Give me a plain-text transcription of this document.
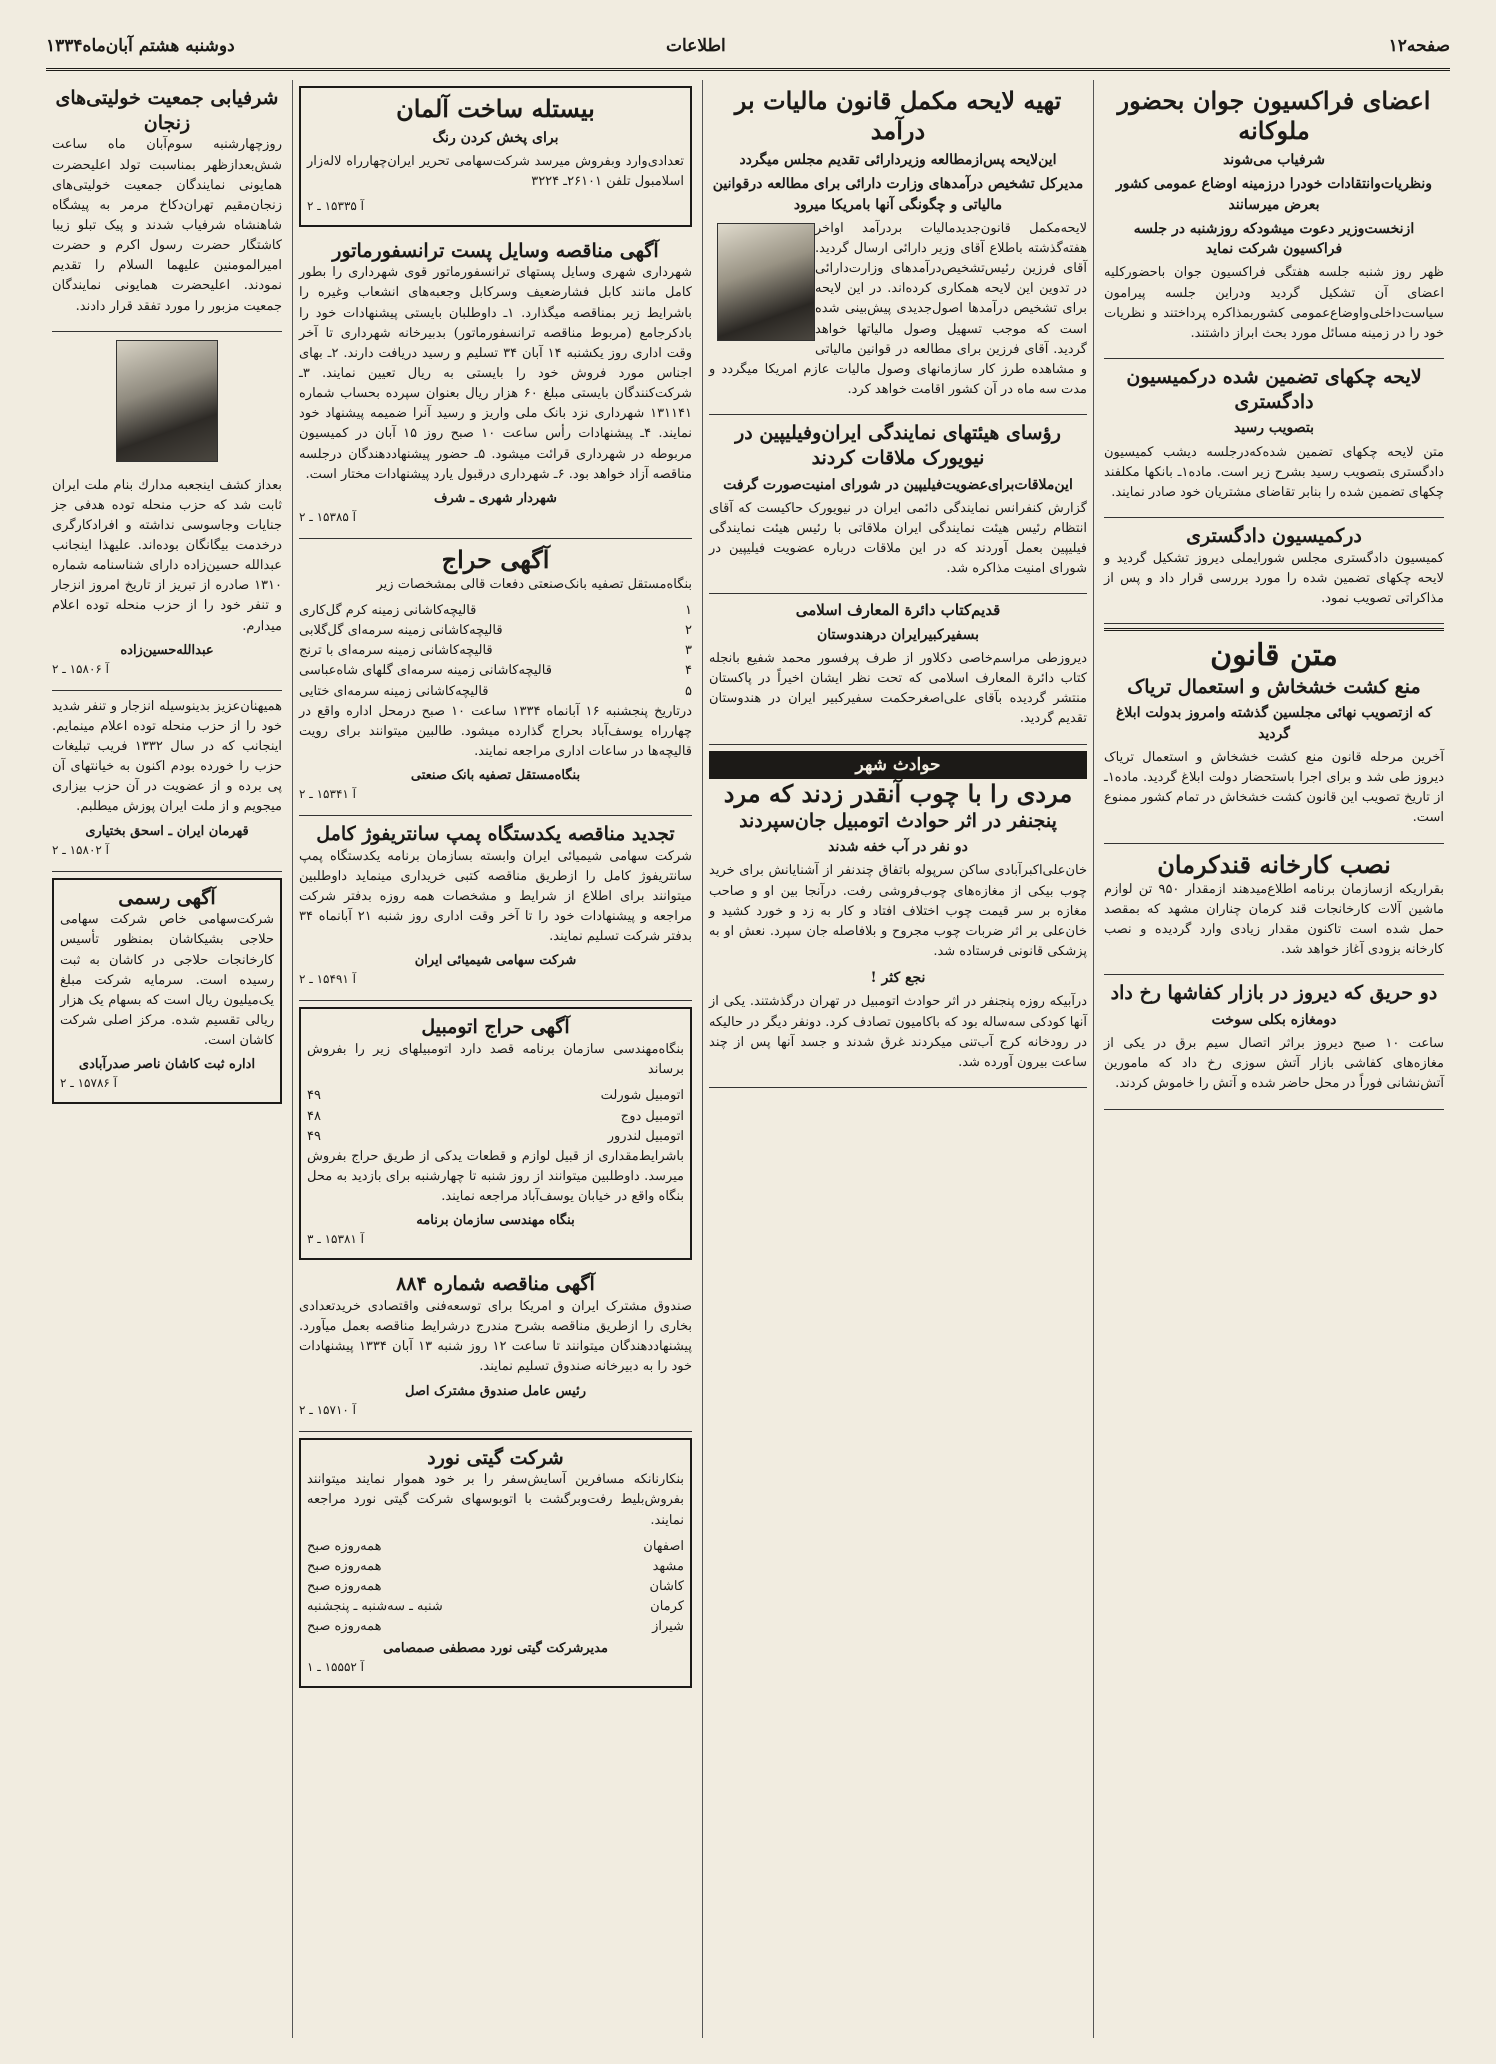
صفحه۱۲
اطلاعات
دوشنبه هشتم آبان‌ماه۱۳۳۴
اعضای فراکسیون جوان بحضور ملوکانه
شرفیاب می‌شوند
ونظریات‌وانتقادات خودرا درزمینه اوضاع عمومی کشور بعرض میرسانند
ازنخست‌وزیر دعوت میشودکه روزشنبه در جلسه فراکسیون شرکت نماید

ظهر روز شنبه جلسه هفتگی فراکسیون جوان باحضورکلیه اعضای آن تشکیل گردید ودراین جلسه پیرامون سیاست‌داخلی‌واوضاع‌عمومی کشوربمذاکره پرداختند و نظریات خود را در زمینه مسائل مورد بحث ابراز داشتند.

لایحه چکهای تضمین شده درکمیسیون دادگستری
بتصویب رسید

متن لایحه چکهای تضمین شده‌که‌درجلسه دیشب کمیسیون دادگستری بتصویب رسید بشرح زیر است. ماده۱ـ بانکها مکلفند چکهای تضمین شده را بنابر تقاضای مشتریان خود صادر نمایند.

درکمیسیون دادگستری

کمیسیون دادگستری مجلس شورایملی دیروز تشکیل گردید و لایحه چکهای تضمین شده را مورد بررسی قرار داد و پس از مذاکراتی تصویب نمود.

متن قانون
منع کشت خشخاش و استعمال تریاک
که ازتصویب نهائی مجلسین گذشته وامروز بدولت ابلاغ گردید

آخرین مرحله قانون منع کشت خشخاش و استعمال تریاک دیروز طی شد و برای اجرا باستحضار دولت ابلاغ گردید. ماده۱ـ از تاریخ تصویب این قانون کشت خشخاش در تمام کشور ممنوع است.

نصب کارخانه قندکرمان

بقراریکه ازسازمان برنامه اطلاع‌میدهند ازمقدار ۹۵۰ تن لوازم ماشین آلات کارخانجات قند کرمان چناران مشهد که بمقصد حمل شده است تاکنون مقدار زیادی وارد گردیده و نصب کارخانه بزودی آغاز خواهد شد.

دو حریق که دیروز در بازار کفاشها رخ داد
دومغازه بکلی سوخت

ساعت ۱۰ صبح دیروز براثر اتصال سیم برق در یکی از مغازه‌های کفاشی بازار آتش سوزی رخ داد که مامورین آتش‌نشانی فوراً در محل حاضر شده و آتش را خاموش کردند.

تهیه لایحه مکمل قانون مالیات بر درآمد
این‌لایحه پس‌ازمطالعه وزیردارائی تقدیم مجلس میگردد
مدیرکل تشخیص درآمدهای وزارت دارائی برای مطالعه درقوانین مالیاتی و چگونگی آنها بامریکا میرود

لایحه‌مکمل قانون‌جدیدمالیات بردرآمد اواخر هفته‌گذشته باطلاع آقای وزیر دارائی ارسال گردید. آقای فرزین رئیس‌تشخیص‌درآمدهای وزارت‌دارائی در تدوین این لایحه همکاری کرده‌اند. در این لایحه برای تشخیص درآمدها اصول‌جدیدی پیش‌بینی شده است که موجب تسهیل وصول مالیاتها خواهد گردید. آقای فرزین برای مطالعه در قوانین مالیاتی و مشاهده طرز کار سازمانهای وصول مالیات عازم امریکا میگردد و مدت سه ماه در آن کشور اقامت خواهد کرد.

رؤسای هیئتهای نمایندگی ایران‌وفیلیپین در نیویورک ملاقات کردند
این‌ملاقات‌برای‌عضویت‌فیلیپین در شورای امنیت‌صورت گرفت

گزارش کنفرانس نمایندگی دائمی ایران در نیویورک حاکیست که آقای انتظام رئیس هیئت نمایندگی ایران ملاقاتی با رئیس هیئت نمایندگی فیلیپین بعمل آوردند که در این ملاقات درباره عضویت فیلیپین در شورای امنیت مذاکره شد.

قدیم‌کتاب دائرة المعارف اسلامی
بسفیرکبیرایران درهندوستان

دیروزطی مراسم‌خاصی دکلاور از طرف پرفسور محمد شفیع بانجله کتاب دائرة المعارف اسلامی که تحت نظر ایشان اخیراً در پاکستان منتشر گردیده بآقای علی‌اصغرحکمت سفیرکبیر ایران در هندوستان تقدیم گردید.

حوادث شهر
مردی را با چوب آنقدر زدند که مرد
پنجنفر در اثر حوادث اتومبیل جان‌سپردند
دو نفر در آب خفه شدند

خان‌علی‌اکبرآبادی ساکن سرپوله باتفاق چندنفر از آشنایانش برای خرید چوب بیکی از مغازه‌های چوب‌فروشی رفت. درآنجا بین او و صاحب مغازه بر سر قیمت چوب اختلاف افتاد و کار به زد و خورد کشید و خان‌علی بر اثر ضربات چوب مجروح و بلافاصله جان سپرد. نعش او به پزشکی قانونی فرستاده شد.

نجع کثر !

درآبیکه روزه پنجنفر در اثر حوادث اتومبیل در تهران درگذشتند. یکی از آنها کودکی سه‌ساله بود که باکامیون تصادف کرد. دونفر دیگر در حالیکه در رودخانه کرج آب‌تنی میکردند غرق شدند و جسد آنها پس از چند ساعت بیرون آورده شد.

بیستله ساخت آلمان
برای پخش کردن رنگ

تعدادی‌وارد وبفروش میرسد شرکت‌سهامی تحریر ایران‌چهارراه لاله‌زار اسلامبول تلفن ۲۶۱۰۱‌ـ ۳۲۲۴

آ ۱۵۳۳۵ ـ ۲
آگهی مناقصه وسایل پست ترانسفورماتور

شهرداری شهری وسایل پستهای ترانسفورماتور قوی شهرداری را بطور کامل مانند کابل فشارضعیف وسرکابل وجعبه‌های انشعاب وغیره را باشرایط زیر بمناقصه میگذارد. ۱ـ داوطلبان بایستی پیشنهادات خود را بادکرجامع (مربوط مناقصه ترانسفورماتور) بدبیرخانه شهرداری تا آخر وقت اداری روز یکشنبه ۱۴ آبان ۳۴ تسلیم و رسید دریافت دارند. ۲ـ بهای اجناس مورد فروش خود را بایستی به ریال تعیین نمایند. ۳ـ شرکت‌کنندگان بایستی مبلغ ۶۰ هزار ریال بعنوان سپرده بحساب شماره ۱۳۱۱۴۱ شهرداری نزد بانک ملی واریز و رسید آنرا ضمیمه پیشنهاد خود نمایند. ۴ـ پیشنهادات رأس ساعت ۱۰ صبح روز ۱۵ آبان در کمیسیون مربوطه در شهرداری قرائت میشود. ۵ـ حضور پیشنهاددهندگان درجلسه مناقصه آزاد خواهد بود. ۶ـ شهرداری درقبول یارد پیشنهادات مختار است.

شهردار شهری ـ شرف
آ ۱۵۳۸۵ ـ ۲
آگهی حراج

بنگاه‌مستقل تصفیه بانک‌صنعتی دفعات قالی بمشخصات زیر

۱
قالیچه‌کاشانی زمینه کرم گل‌کاری
۲
قالیچه‌کاشانی زمینه سرمه‌ای گل‌گلابی
۳
قالیچه‌کاشانی زمینه سرمه‌ای با ترنج
۴
قالیچه‌کاشانی زمینه سرمه‌ای گلهای شاه‌عباسی
۵
قالیچه‌کاشانی زمینه سرمه‌ای ختایی

درتاریخ پنجشنبه ۱۶ آبانماه ۱۳۳۴ ساعت ۱۰ صبح درمحل اداره واقع در چهارراه یوسف‌آباد بحراج گذارده میشود. طالبین میتوانند برای رویت قالیچه‌ها در ساعات اداری مراجعه نمایند.

بنگاه‌مستقل تصفیه بانک صنعتی
آ ۱۵۳۴۱ ـ ۲
تجدید مناقصه یکدستگاه پمپ سانتریفوژ کامل

شرکت سهامی شیمیائی ایران وابسته بسازمان برنامه یکدستگاه پمپ سانتریفوژ کامل را ازطریق مناقصه کتبی خریداری مینماید داوطلبین میتوانند برای اطلاع از شرایط و مشخصات همه روزه بدفتر شرکت مراجعه و پیشنهادات خود را تا آخر وقت اداری روز شنبه ۲۱ آبانماه ۳۴ بدفتر شرکت تسلیم نمایند.

شرکت سهامی شیمیائی ایران
آ ۱۵۴۹۱ ـ ۲
آگهی حراج اتومبیل

بنگاه‌مهندسی سازمان برنامه قصد دارد اتومبیلهای زیر را بفروش برساند

اتومبیل شورلت
۴۹
اتومبیل دوج
۴۸
اتومبیل لندرور
۴۹

باشرایط‌مقداری از قبیل لوازم و قطعات یدکی از طریق حراج بفروش میرسد. داوطلبین میتوانند از روز شنبه تا چهارشنبه برای بازدید به محل بنگاه واقع در خیابان یوسف‌آباد مراجعه نمایند.

بنگاه مهندسی سازمان برنامه
آ ۱۵۳۸۱ ـ ۳
آگهی مناقصه شماره ۸۸۴

صندوق مشترک ایران و امریکا برای توسعه‌فنی واقتصادی خریدتعدادی بخاری را ازطریق مناقصه بشرح مندرج درشرایط مناقصه بعمل میآورد. پیشنهاددهندگان میتوانند تا ساعت ۱۲ روز شنبه ۱۳ آبان ۱۳۳۴ پیشنهادات خود را به دبیرخانه صندوق تسلیم نمایند.

رئیس عامل صندوق مشترک اصل
آ ۱۵۷۱۰ ـ ۲
شرکت گیتی نورد

بنکارنانکه مسافرین آسایش‌سفر را بر خود هموار نمایند میتوانند بفروش‌بلیط‌ رفت‌وبرگشت با اتوبوسهای شرکت گیتی نورد مراجعه نمایند.

اصفهان
همه‌روزه صبح
مشهد
همه‌روزه صبح
کاشان
همه‌روزه صبح
کرمان
شنبه ـ سه‌شنبه ـ پنجشنبه
شیراز
همه‌روزه صبح
مدیرشرکت گیتی نورد مصطفی صمصامی
آ ۱۵۵۵۲ ـ ۱
شرفیابی جمعیت خولیتی‌های زنجان

روزچهارشنبه سوم‌آبان ماه ساعت شش‌بعدازظهر بمناسبت تولد اعلیحضرت همایونی نمایندگان جمعیت خولیتی‌های زنجان‌مقیم تهران‌دکاخ مرمر به پیشگاه شاهنشاه شرفیاب شدند و پیک تبلو زیبا کاشتگار حضرت رسول اکرم و حضرت امیرالمومنین علیهما السلام را تقدیم نمودند. اعلیحضرت همایونی نمایندگان جمعیت مزبور را مورد تفقد قرار دادند.

بعداز کشف اینجعبه مدارك بنام ملت ایران ثابت شد که حزب منحله توده هدفی جز جنایات وجاسوسی نداشته و افرادکارگری درخدمت بیگانگان بوده‌اند. علیهذا اینجانب عبدالله حسین‌زاده دارای شناسنامه شماره ۱۳۱۰ صادره از تبریز از تاریخ امروز انزجار و تنفر خود را از حزب منحله توده اعلام میدارم.

عبدالله‌حسین‌زاده
آ ۱۵۸۰۶ ـ ۲

همیهنان‌عزیز بدینوسیله انزجار و تنفر شدید خود را از حزب منحله توده اعلام مینمایم. اینجانب که در سال ۱۳۳۲ فریب تبلیغات حزب را خورده بودم اکنون به خیانتهای آن پی برده و از عضویت در آن حزب بیزاری میجویم و از ملت ایران پوزش میطلبم.

قهرمان ایران ـ اسحق بختیاری
آ ۱۵۸۰۲ ـ ۲
آگهی رسمی

شرکت‌سهامی خاص شرکت سهامی حلاجی بشیکاشان بمنظور تأسیس کارخانجات حلاجی در کاشان به ثبت رسیده است. سرمایه شرکت مبلغ یک‌میلیون ریال است که بسهام یک هزار ریالی تقسیم شده. مرکز اصلی شرکت کاشان است.

اداره ثبت کاشان ناصر صدرآبادی
آ ۱۵۷۸۶ ـ ۲
